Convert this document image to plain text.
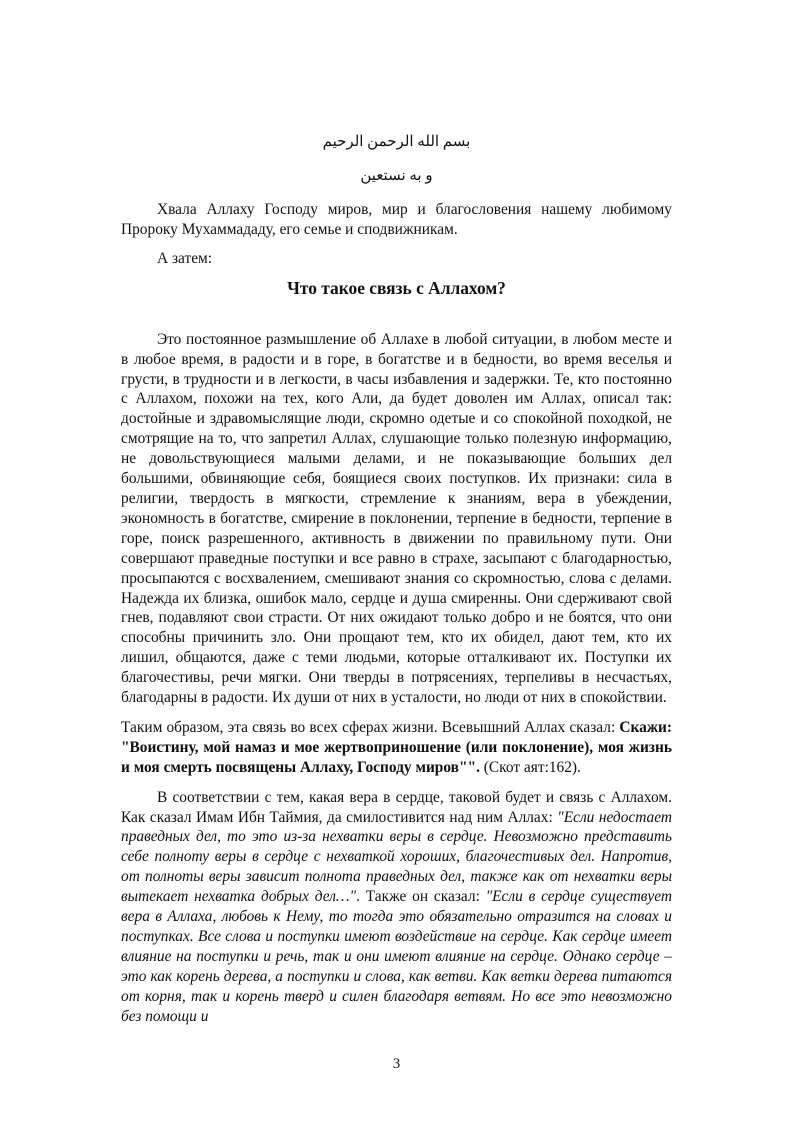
بسم الله الرحمن الرحيم

و به نستعين

Хвала Аллаху Господу миров, мир и благословения нашему любимому Пророку Мухаммададу, его семье и сподвижникам.

А затем:

Что такое связь с Аллахом?

Это постоянное размышление об Аллахе в любой ситуации, в любом месте и в любое время, в радости и в горе, в богатстве и в бедности, во время веселья и грусти, в трудности и в легкости, в часы избавления и задержки. Те, кто постоянно с Аллахом, похожи на тех, кого Али, да будет доволен им Аллах, описал так: достойные и здравомыслящие люди, скромно одетые и со спокойной походкой, не смотрящие на то, что запретил Аллах, слушающие только полезную информацию, не довольствующиеся малыми делами, и не показывающие больших дел большими, обвиняющие себя, боящиеся своих поступков. Их признаки: сила в религии, твердость в мягкости, стремление к знаниям, вера в убеждении, экономность в богатстве, смирение в поклонении, терпение в бедности, терпение в горе, поиск разрешенного, активность в движении по правильному пути. Они совершают праведные поступки и все равно в страхе, засыпают с благодарностью, просыпаются с восхвалением, смешивают знания со скромностью, слова с делами. Надежда их близка, ошибок мало, сердце и душа смиренны. Они сдерживают свой гнев, подавляют свои страсти. От них ожидают только добро и не боятся, что они способны причинить зло. Они прощают тем, кто их обидел, дают тем, кто их лишил, общаются, даже с теми людьми, которые отталкивают их. Поступки их благочестивы, речи мягки. Они тверды в потрясениях, терпеливы в несчастьях, благодарны в радости. Их души от них в усталости, но люди от них в спокойствии.

Таким образом, эта связь во всех сферах жизни. Всевышний Аллах сказал: Скажи: "Воистину, мой намаз и мое жертвоприношение (или поклонение), моя жизнь и моя смерть посвящены Аллаху, Господу миров"". (Скот аят:162).

В соответствии с тем, какая вера в сердце, таковой будет и связь с Аллахом. Как сказал Имам Ибн Таймия, да смилостивится над ним Аллах: "Если недостает праведных дел, то это из-за нехватки веры в сердце. Невозможно представить себе полноту веры в сердце с нехваткой хороших, благочестивых дел. Напротив, от полноты веры зависит полнота праведных дел, также как от нехватки веры вытекает нехватка добрых дел…". Также он сказал: "Если в сердце существует вера в Аллаха, любовь к Нему, то тогда это обязательно отразится на словах и поступках. Все слова и поступки имеют воздействие на сердце. Как сердце имеет влияние на поступки и речь, так и они имеют влияние на сердце. Однако сердце – это как корень дерева, а поступки и слова, как ветви. Как ветки дерева питаются от корня, так и корень тверд и силен благодаря ветвям. Но все это невозможно без помощи и

3
